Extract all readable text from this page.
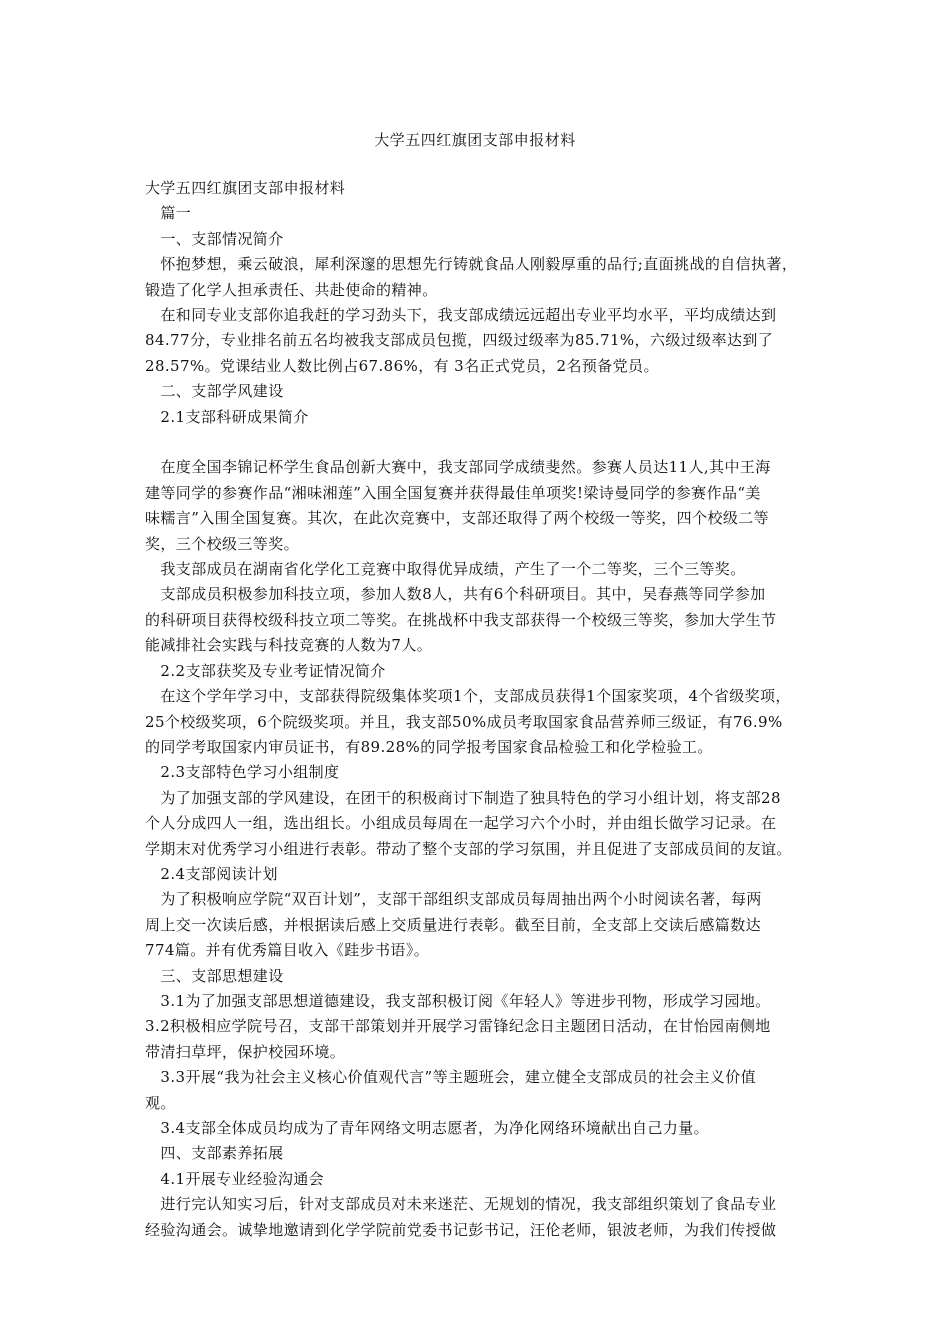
大学五四红旗团支部申报材料

大学五四红旗团支部申报材料

　篇一

　一、支部情况简介

　怀抱梦想，乘云破浪，犀利深邃的思想先行铸就食品人刚毅厚重的品行;直面挑战的自信执著，

锻造了化学人担承责任、共赴使命的精神。

　在和同专业支部你追我赶的学习劲头下，我支部成绩远远超出专业平均水平，平均成绩达到

84.77分，专业排名前五名均被我支部成员包揽，四级过级率为85.71%，六级过级率达到了

28.57%。党课结业人数比例占67.86%，有 3名正式党员，2名预备党员。

　二、支部学风建设

　2.1支部科研成果简介

　在度全国李锦记杯学生食品创新大赛中，我支部同学成绩斐然。参赛人员达11人,其中王海

建等同学的参赛作品“湘味湘莲”入围全国复赛并获得最佳单项奖!梁诗曼同学的参赛作品“美

味糯言”入围全国复赛。其次，在此次竞赛中，支部还取得了两个校级一等奖，四个校级二等

奖，三个校级三等奖。

　我支部成员在湖南省化学化工竞赛中取得优异成绩，产生了一个二等奖，三个三等奖。

　支部成员积极参加科技立项，参加人数8人，共有6个科研项目。其中，吴春燕等同学参加

的科研项目获得校级科技立项二等奖。在挑战杯中我支部获得一个校级三等奖，参加大学生节

能减排社会实践与科技竞赛的人数为7人。

　2.2支部获奖及专业考证情况简介

　在这个学年学习中，支部获得院级集体奖项1个，支部成员获得1个国家奖项，4个省级奖项，

25个校级奖项，6个院级奖项。并且，我支部50%成员考取国家食品营养师三级证，有76.9%

的同学考取国家内审员证书，有89.28%的同学报考国家食品检验工和化学检验工。

　2.3支部特色学习小组制度

　为了加强支部的学风建设，在团干的积极商讨下制造了独具特色的学习小组计划，将支部28

个人分成四人一组，选出组长。小组成员每周在一起学习六个小时，并由组长做学习记录。在

学期末对优秀学习小组进行表彰。带动了整个支部的学习氛围，并且促进了支部成员间的友谊。

　2.4支部阅读计划

　为了积极响应学院“双百计划”，支部干部组织支部成员每周抽出两个小时阅读名著，每两

周上交一次读后感，并根据读后感上交质量进行表彰。截至目前，全支部上交读后感篇数达

774篇。并有优秀篇目收入《跬步书语》。

　三、支部思想建设

　3.1为了加强支部思想道德建设，我支部积极订阅《年轻人》等进步刊物，形成学习园地。

3.2积极相应学院号召，支部干部策划并开展学习雷锋纪念日主题团日活动，在甘怡园南侧地

带清扫草坪，保护校园环境。

　3.3开展“我为社会主义核心价值观代言”等主题班会，建立健全支部成员的社会主义价值

观。

　3.4支部全体成员均成为了青年网络文明志愿者，为净化网络环境献出自己力量。

　四、支部素养拓展

　4.1开展专业经验沟通会

　进行完认知实习后，针对支部成员对未来迷茫、无规划的情况，我支部组织策划了食品专业

经验沟通会。诚挚地邀请到化学学院前党委书记彭书记，汪伦老师，银波老师，为我们传授做
